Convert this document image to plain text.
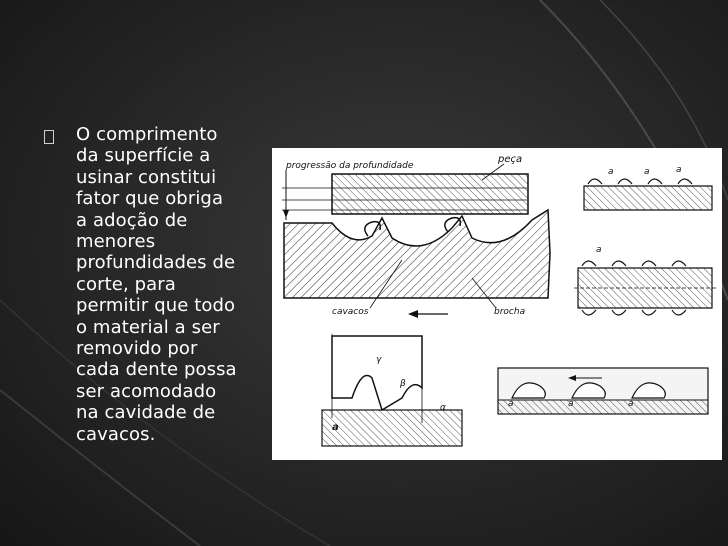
O comprimento
da superfície a
usinar constitui
fator que obriga
a adoção de
menores
profundidades de
corte, para
permitir que todo
o material a ser
removido por
cada dente possa
ser acomodado
na cavidade de
cavacos.

progressão da profundidade
peça
cavacos	brocha
a	a	a
a
γ
β
α
a
a	a	a
